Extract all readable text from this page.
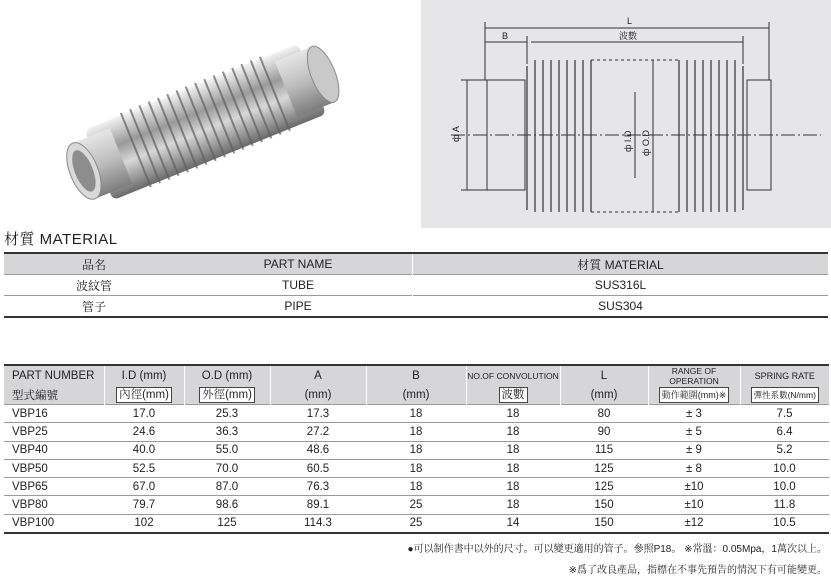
L
B	波數
ф A	ф I.D ф O.D
材質 MATERIAL
品名	PART NAME	材質 MATERIAL
波紋管	TUBE	SUS316L
管子	PIPE	SUS304
PART NUMBER	I.D (mm)	O.D (mm)	A	B	NO.OF CONVOLUTION	L	RANGE OF OPERATION	SPRING RATE
型式編號	內徑(mm)	外徑(mm)	(mm)	(mm)	波數	(mm)	動作範圍(mm)※	彈性系數(N/mm)
VBP16	17.0	25.3	17.3	18	18	80	± 3	7.5
VBP25	24.6	36.3	27.2	18	18	90	± 5	6.4
VBP40	40.0	55.0	48.6	18	18	115	± 9	5.2
VBP50	52.5	70.0	60.5	18	18	125	± 8	10.0
VBP65	67.0	87.0	76.3	18	18	125	±10	10.0
VBP80	79.7	98.6	89.1	25	18	150	±10	11.8
VBP100	102	125	114.3	25	14	150	±12	10.5
●可以制作書中以外的尺寸。可以變更適用的管子。參照P18。 ※常溫：0.05Mpa，1萬次以上。
※爲了改良產品，指標在不事先預告的情況下有可能變更。
